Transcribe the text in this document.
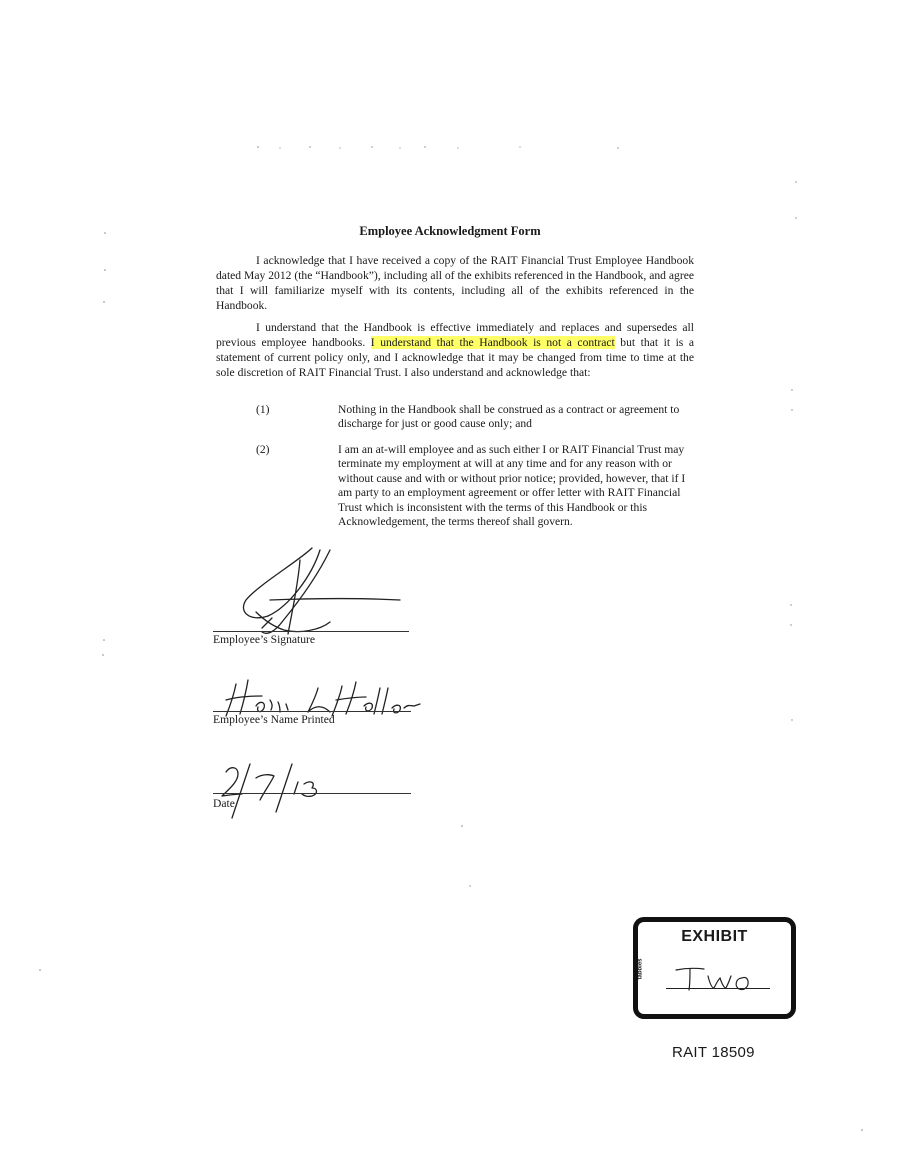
Employee Acknowledgment Form

I acknowledge that I have received a copy of the RAIT Financial Trust Employee Handbook dated May 2012 (the “Handbook”), including all of the exhibits referenced in the Handbook, and agree that I will familiarize myself with its contents, including all of the exhibits referenced in the Handbook.

I understand that the Handbook is effective immediately and replaces and supersedes all previous employee handbooks. I understand that the Handbook is not a contract but that it is a statement of current policy only, and I acknowledge that it may be changed from time to time at the sole discretion of RAIT Financial Trust. I also understand and acknowledge that:

(1)	Nothing in the Handbook shall be construed as a contract or agreement to discharge for just or good cause only; and

(2)	I am an at-will employee and as such either I or RAIT Financial Trust may terminate my employment at will at any time and for any reason with or without cause and with or without prior notice; provided, however, that if I am party to an employment agreement or offer letter with RAIT Financial Trust which is inconsistent with the terms of this Handbook or this Acknowledgement, the terms thereof shall govern.

Employee’s Signature
Employee’s Name Printed
Date
EXHIBIT
tabbies
RAIT 18509
